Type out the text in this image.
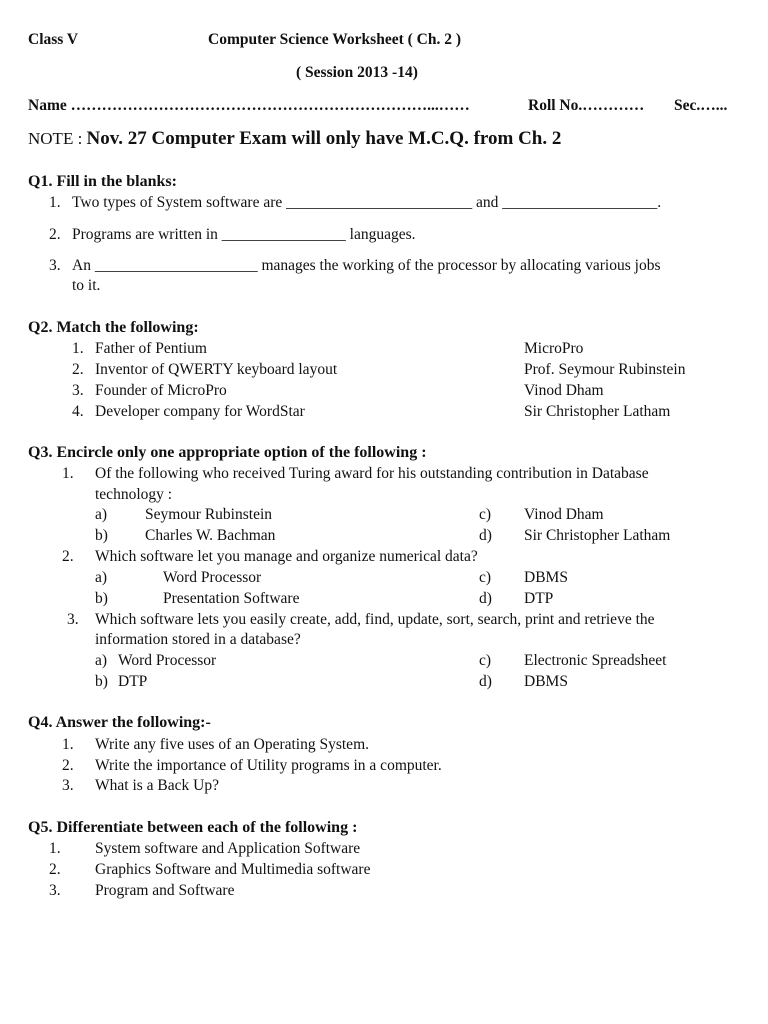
Class V	Computer Science Worksheet ( Ch. 2 )
( Session 2013 -14)
Name ……………………………………………………………...……	Roll No.………… Sec.…...
NOTE : Nov. 27 Computer Exam will only have M.C.Q. from Ch. 2
Q1. Fill in the blanks:
1. Two types of System software are ________________________ and ____________________.
2. Programs are written in ________________ languages.
3. An _____________________ manages the working of the processor by allocating various jobs
to it.
Q2. Match the following:
1. Father of Pentium	MicroPro
2. Inventor of QWERTY keyboard layout	Prof. Seymour Rubinstein
3. Founder of MicroPro	Vinod Dham
4. Developer company for WordStar	Sir Christopher Latham
Q3. Encircle only one appropriate option of the following :
1. Of the following who received Turing award for his outstanding contribution in Database
technology :
a) Seymour Rubinstein	c) Vinod Dham
b) Charles W. Bachman	d) Sir Christopher Latham
2. Which software let you manage and organize numerical data?
a)	Word Processor	c) DBMS
b)	Presentation Software	d) DTP
3. Which software lets you easily create, add, find, update, sort, search, print and retrieve the
information stored in a database?
a) Word Processor	c) Electronic Spreadsheet
b) DTP	d) DBMS
Q4. Answer the following:-
1. Write any five uses of an Operating System.
2. Write the importance of Utility programs in a computer.
3. What is a Back Up?
Q5. Differentiate between each of the following :
1. System software and Application Software
2. Graphics Software and Multimedia software
3. Program and Software
